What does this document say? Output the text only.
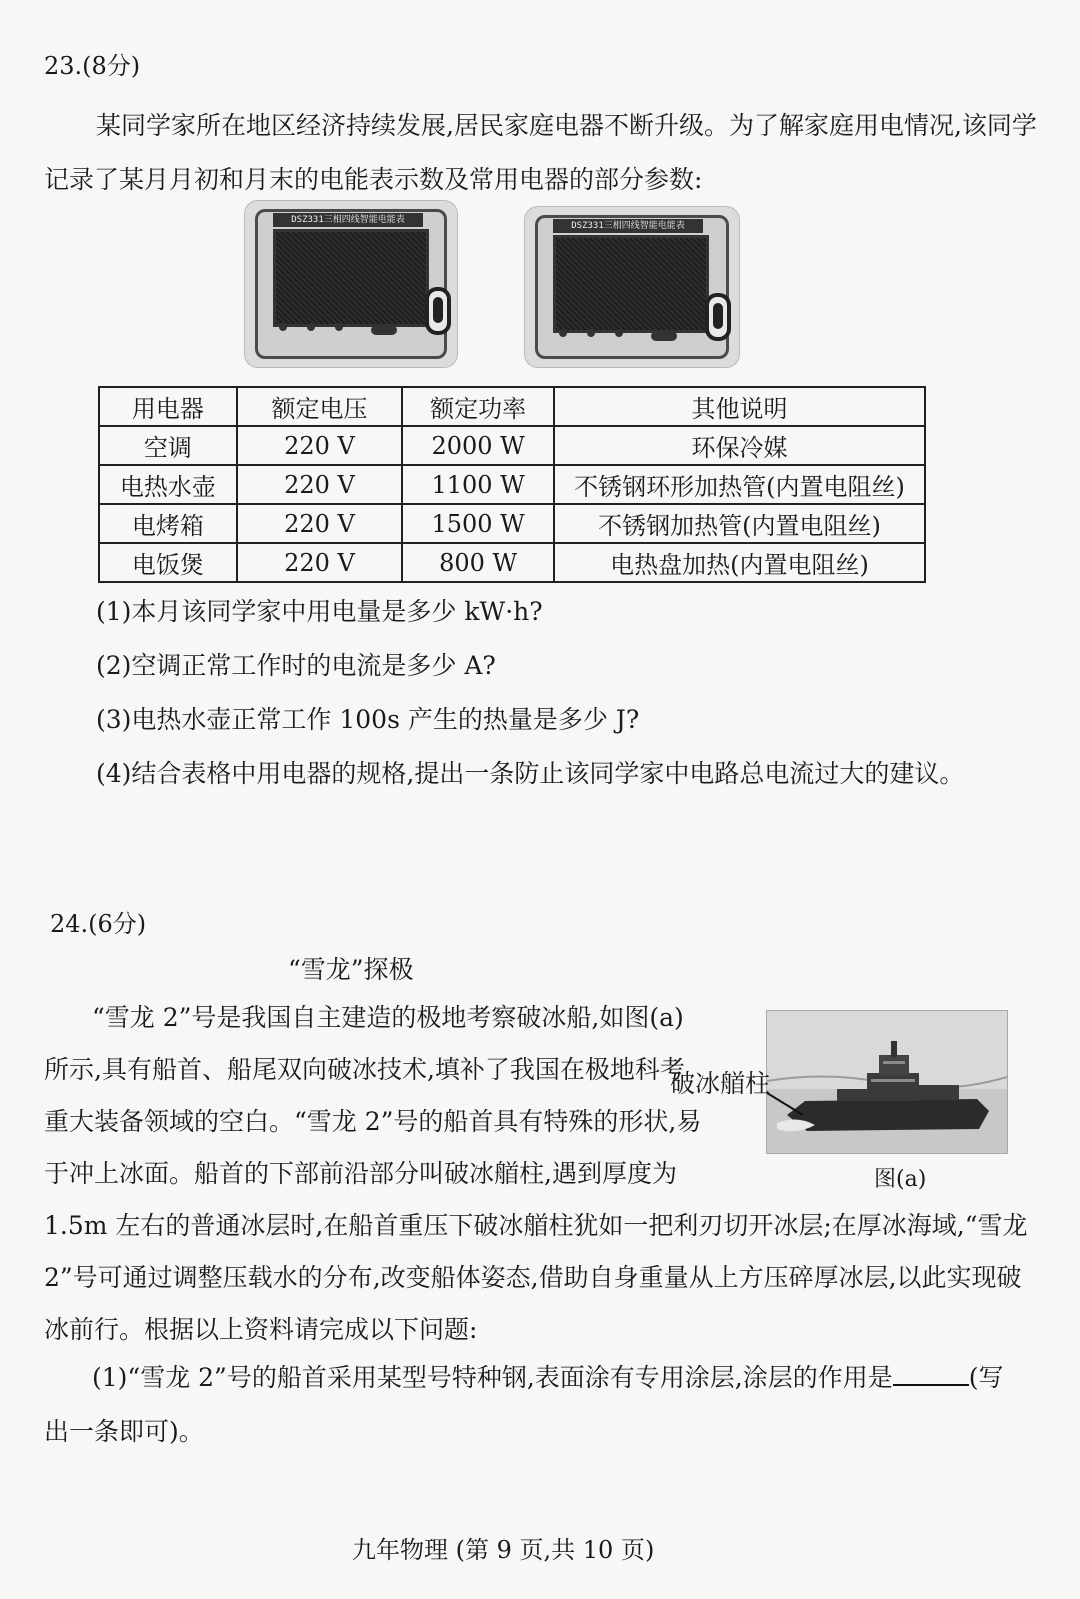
23.(8分)
某同学家所在地区经济持续发展,居民家庭电器不断升级。为了解家庭用电情况,该同学
记录了某月月初和月末的电能表示数及常用电器的部分参数:
DSZ331三相四线智能电能表
DSZ331三相四线智能电能表
用电器	额定电压	额定功率	其他说明
空调	220 V	2000 W	环保冷媒
电热水壶	220 V	1100 W	不锈钢环形加热管(内置电阻丝)
电烤箱	220 V	1500 W	不锈钢加热管(内置电阻丝)
电饭煲	220 V	800 W	电热盘加热(内置电阻丝)
(1)本月该同学家中用电量是多少 kW·h?
(2)空调正常工作时的电流是多少 A?
(3)电热水壶正常工作 100s 产生的热量是多少 J?
(4)结合表格中用电器的规格,提出一条防止该同学家中电路总电流过大的建议。
24.(6分)
“雪龙”探极
“雪龙 2”号是我国自主建造的极地考察破冰船,如图(a)
所示,具有船首、船尾双向破冰技术,填补了我国在极地科考
重大装备领域的空白。“雪龙 2”号的船首具有特殊的形状,易
于冲上冰面。船首的下部前沿部分叫破冰艏柱,遇到厚度为
1.5m 左右的普通冰层时,在船首重压下破冰艏柱犹如一把利刃切开冰层;在厚冰海域,“雪龙
2”号可通过调整压载水的分布,改变船体姿态,借助自身重量从上方压碎厚冰层,以此实现破
冰前行。根据以上资料请完成以下问题:
破冰艏柱
图(a)
(1)“雪龙 2”号的船首采用某型号特种钢,表面涂有专用涂层,涂层的作用是	(写
出一条即可)。
九年物理 (第 9 页,共 10 页)
